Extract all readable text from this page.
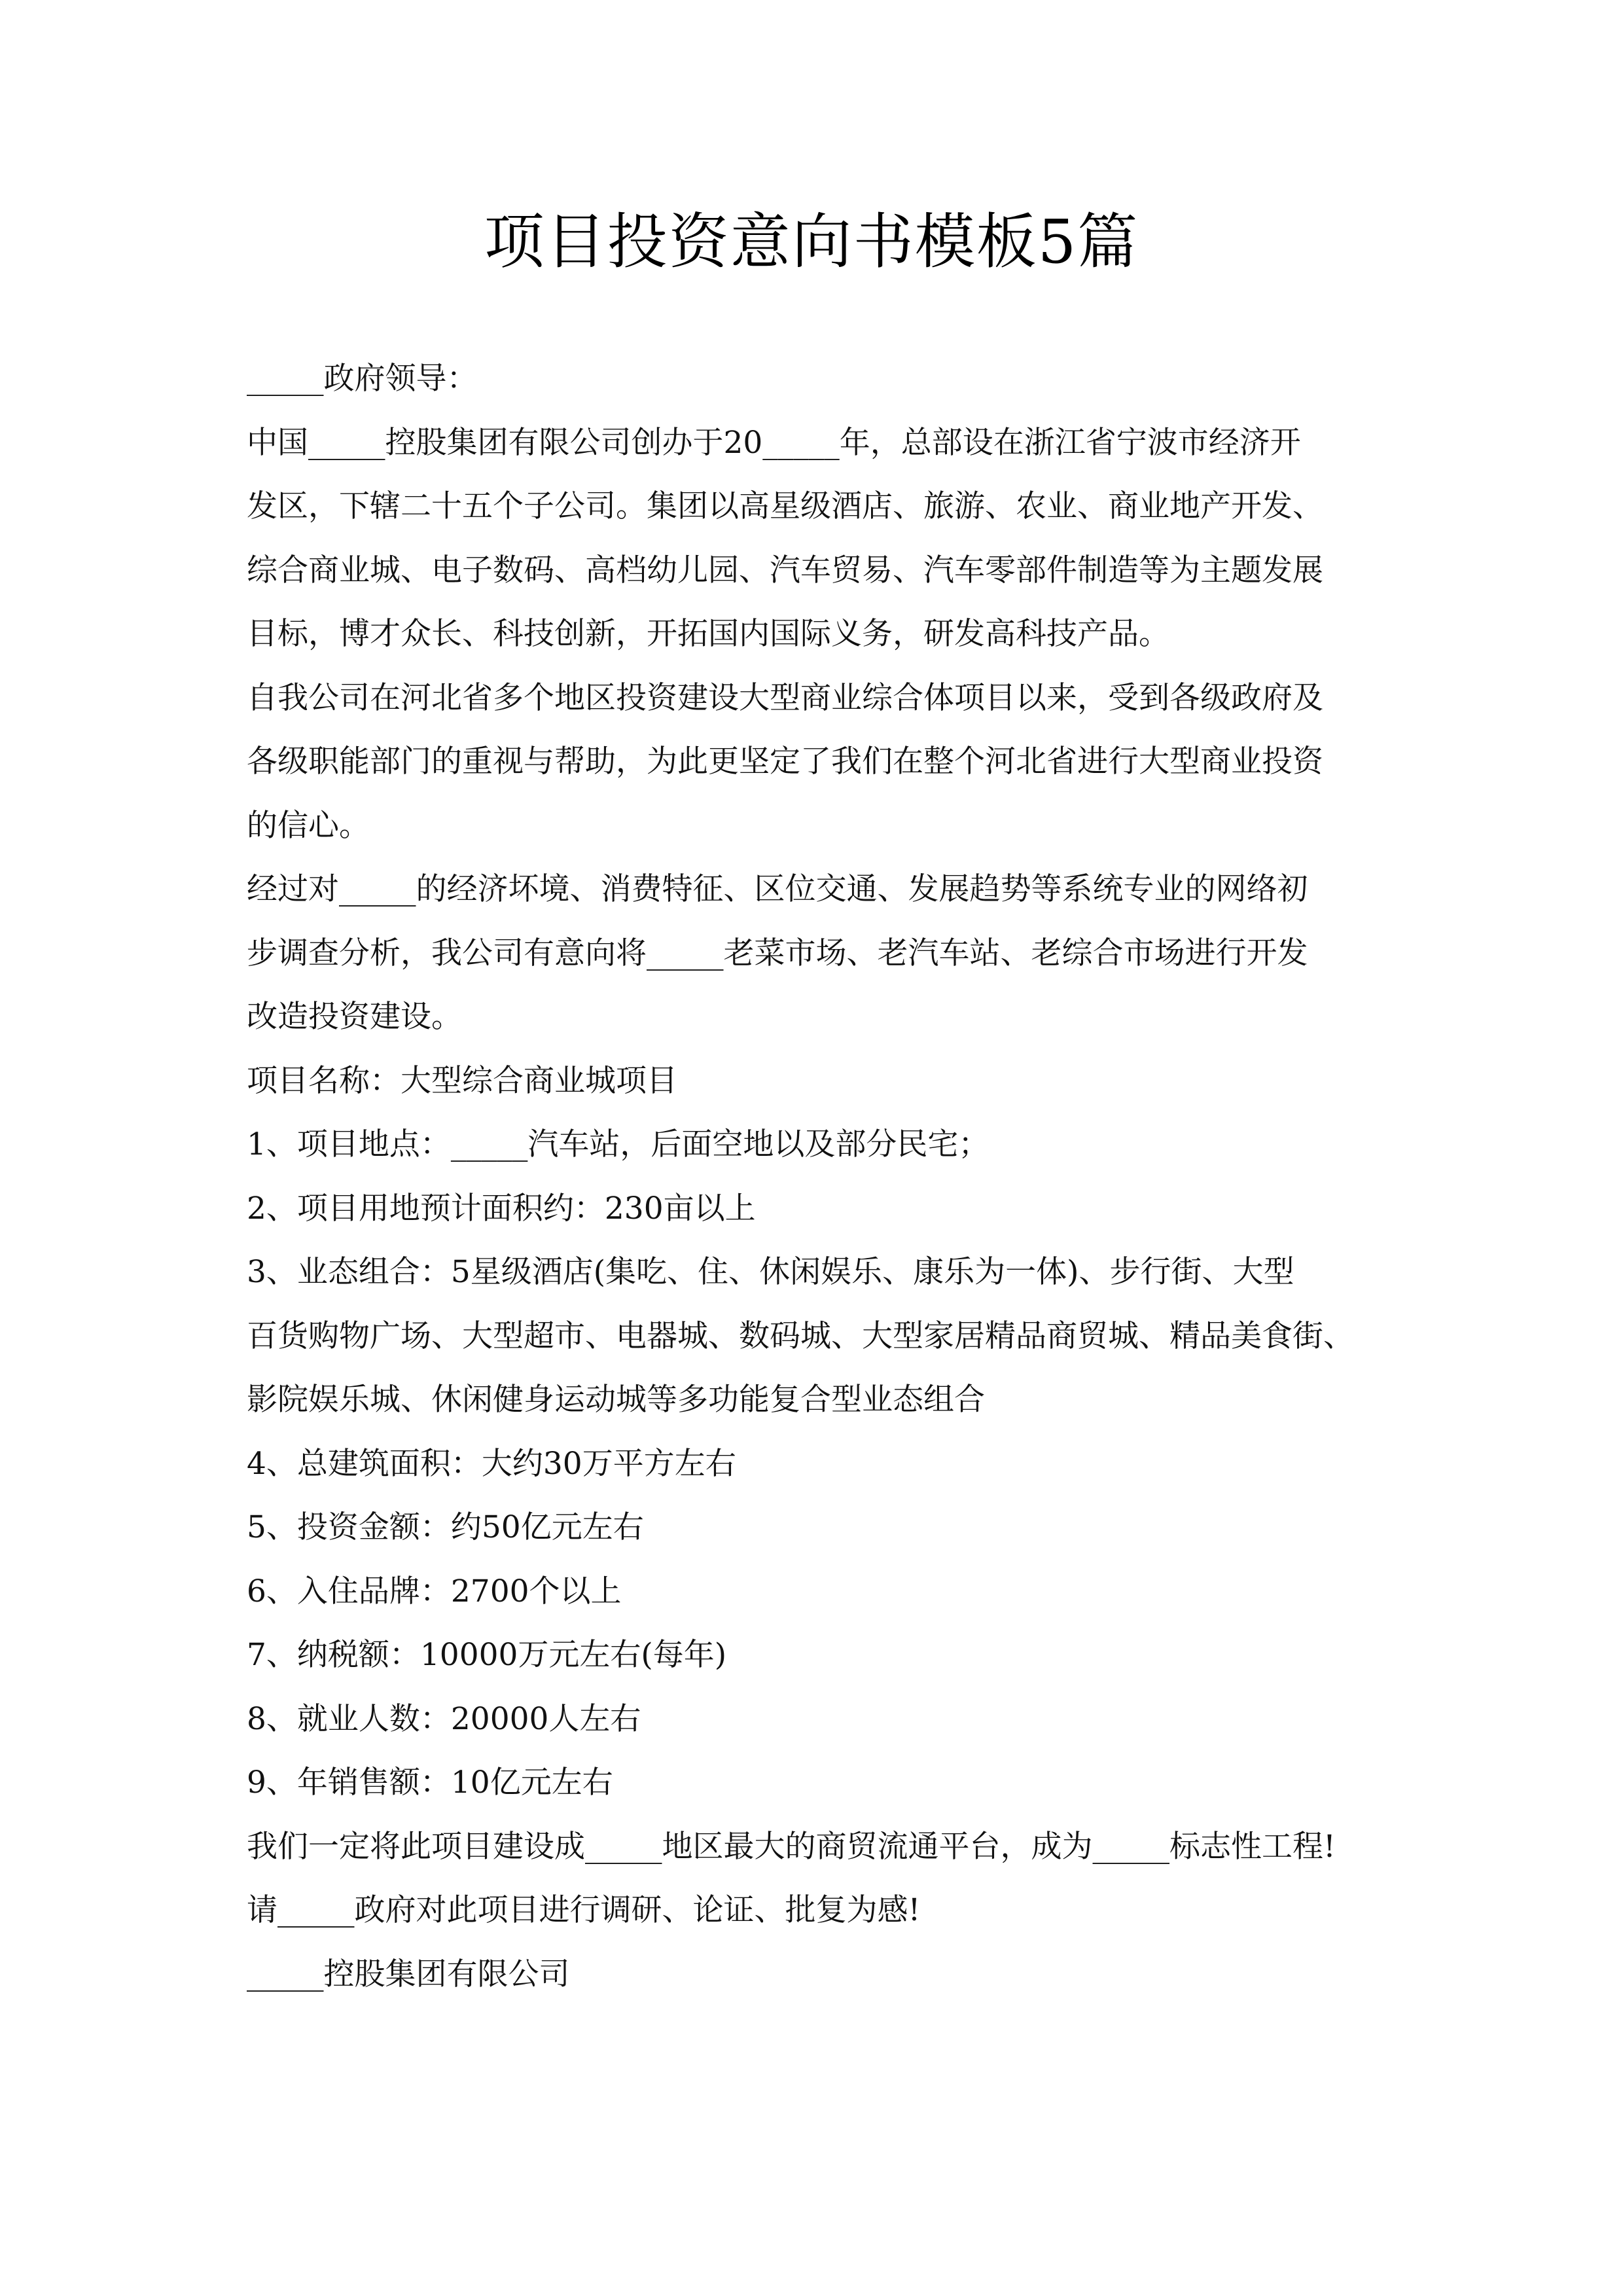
项目投资意向书模板5篇
_____政府领导：
中国_____控股集团有限公司创办于20_____年，总部设在浙江省宁波市经济开
发区，下辖二十五个子公司。集团以高星级酒店、旅游、农业、商业地产开发、
综合商业城、电子数码、高档幼儿园、汽车贸易、汽车零部件制造等为主题发展
目标，博才众长、科技创新，开拓国内国际义务，研发高科技产品。
自我公司在河北省多个地区投资建设大型商业综合体项目以来，受到各级政府及
各级职能部门的重视与帮助，为此更坚定了我们在整个河北省进行大型商业投资
的信心。
经过对_____的经济坏境、消费特征、区位交通、发展趋势等系统专业的网络初
步调查分析，我公司有意向将_____老菜市场、老汽车站、老综合市场进行开发
改造投资建设。
项目名称：大型综合商业城项目
1、项目地点：_____汽车站，后面空地以及部分民宅；
2、项目用地预计面积约：230亩以上
3、业态组合：5星级酒店(集吃、住、休闲娱乐、康乐为一体)、步行街、大型
百货购物广场、大型超市、电器城、数码城、大型家居精品商贸城、精品美食街、
影院娱乐城、休闲健身运动城等多功能复合型业态组合
4、总建筑面积：大约30万平方左右
5、投资金额：约50亿元左右
6、入住品牌：2700个以上
7、纳税额：10000万元左右(每年)
8、就业人数：20000人左右
9、年销售额：10亿元左右
我们一定将此项目建设成_____地区最大的商贸流通平台，成为_____标志性工程!
请_____政府对此项目进行调研、论证、批复为感!
_____控股集团有限公司
